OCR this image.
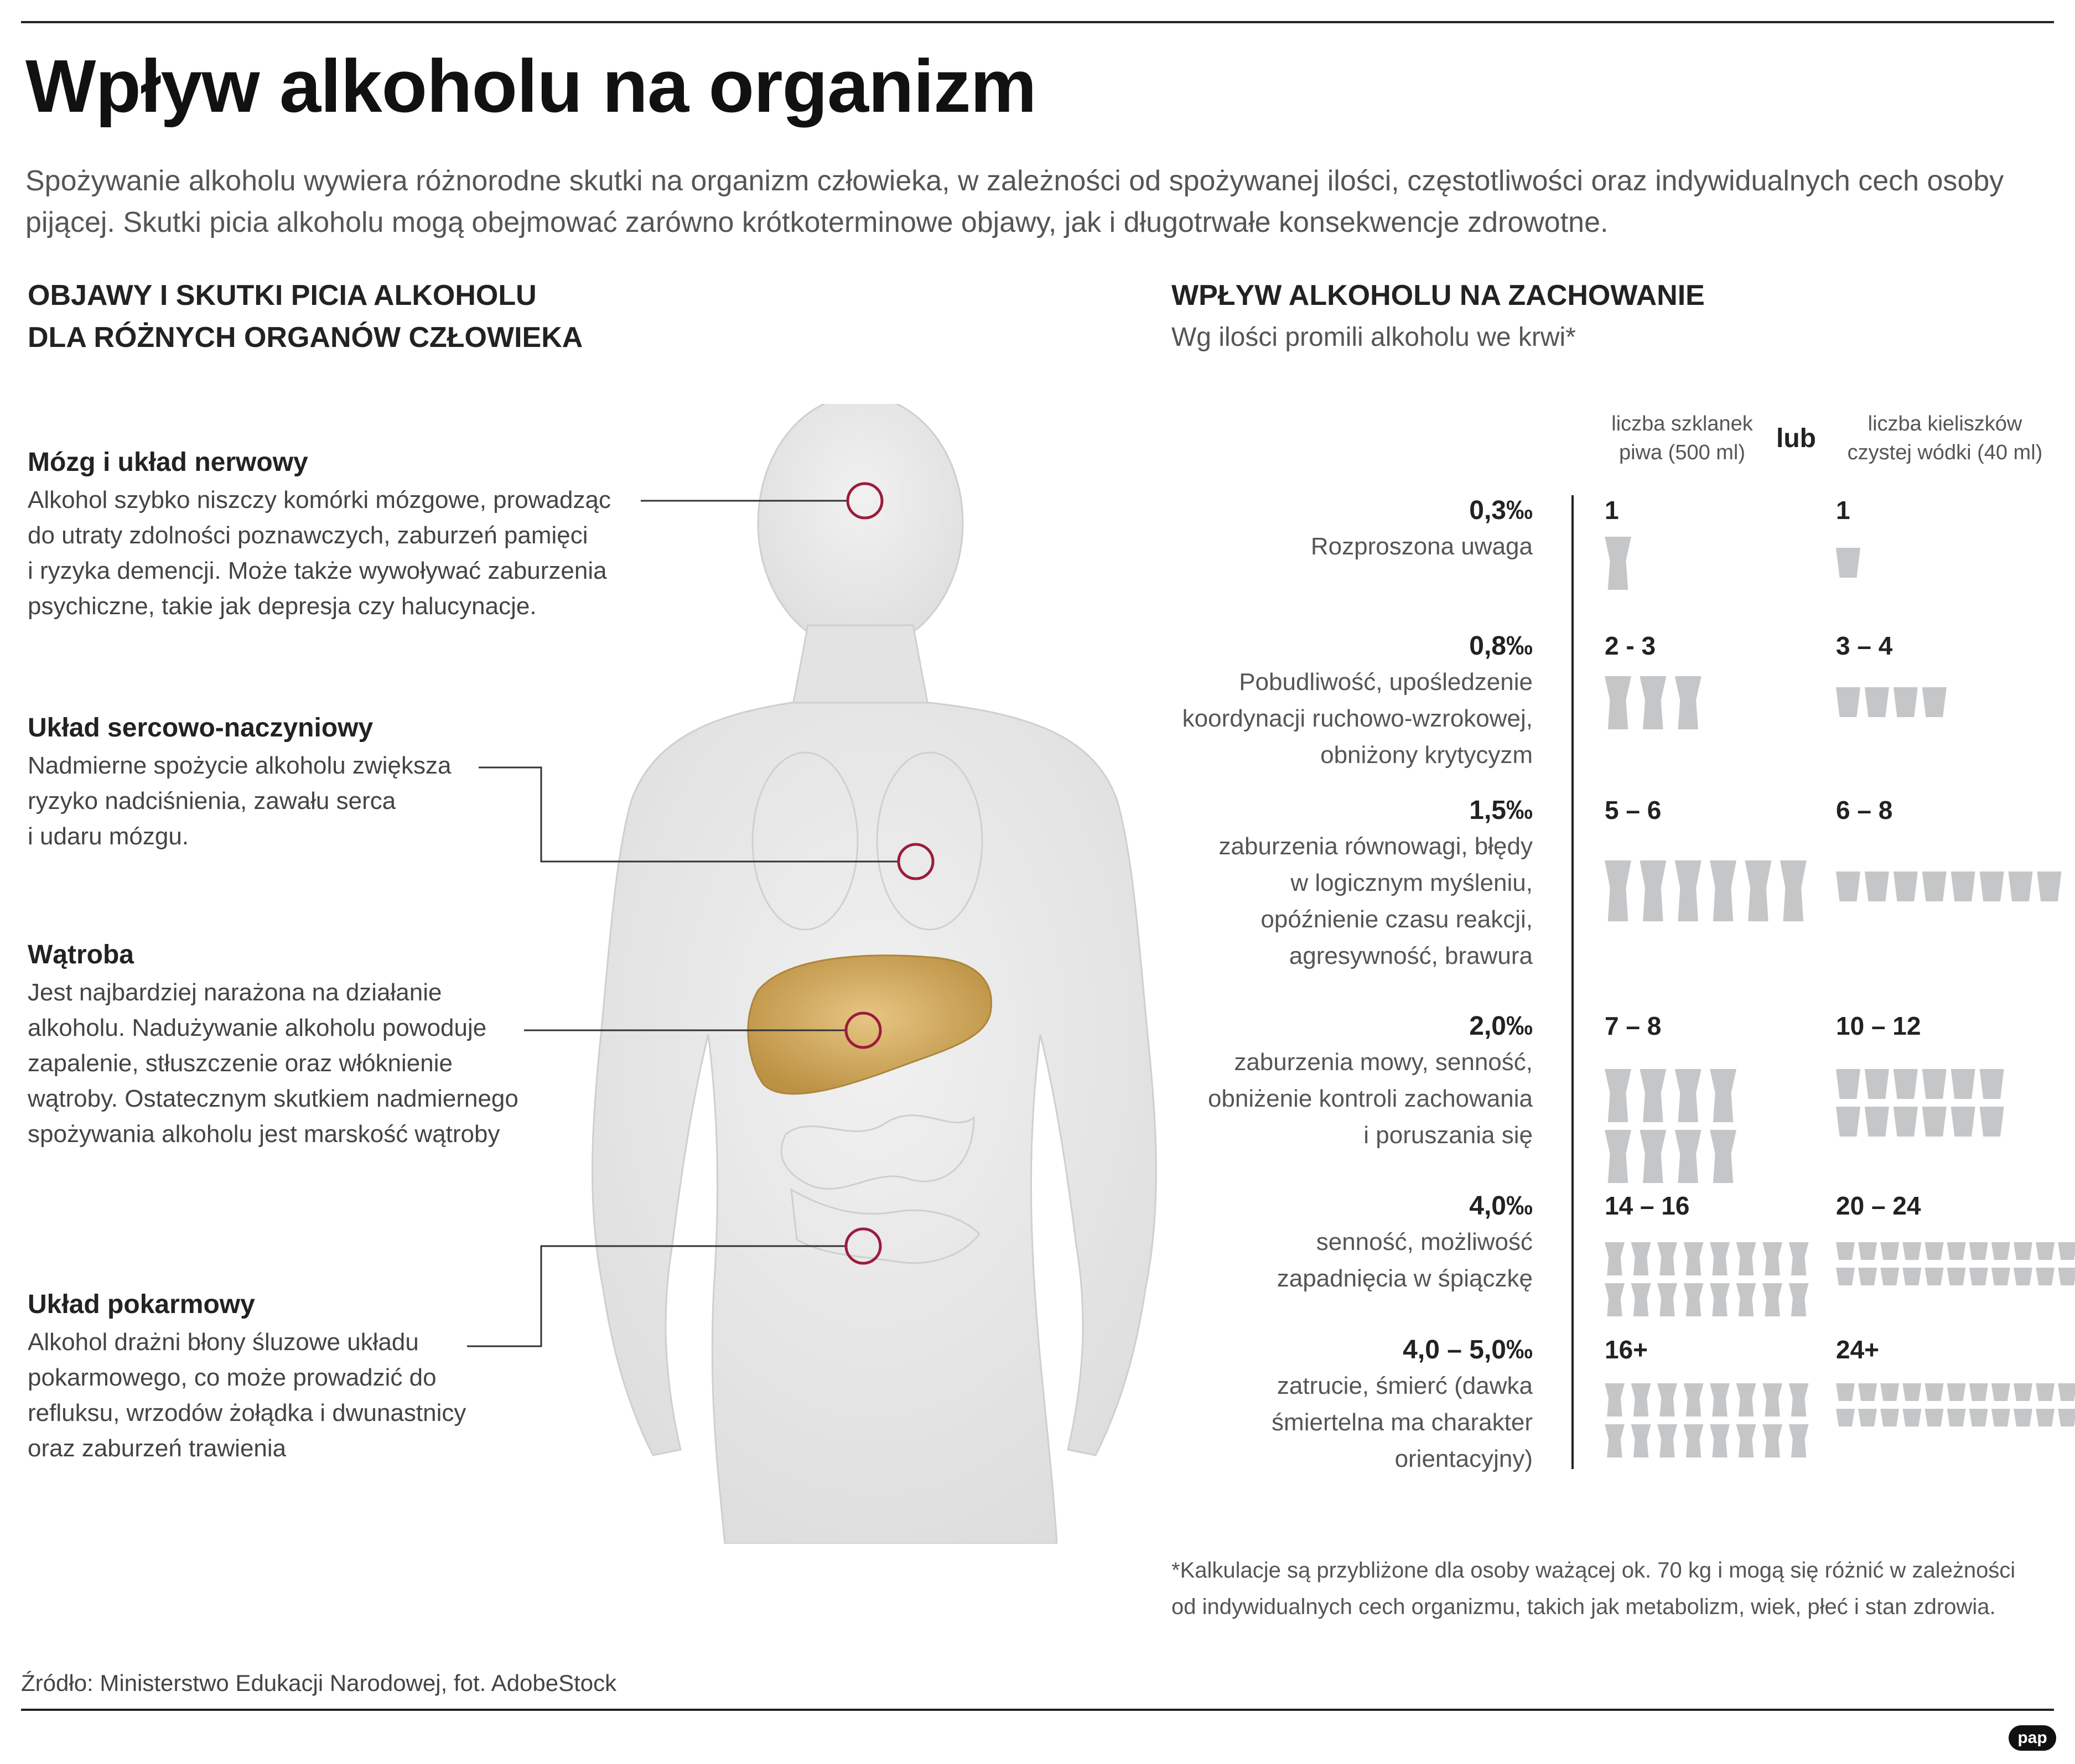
Wpływ alkoholu na organizm

Spożywanie alkoholu wywiera różnorodne skutki na organizm człowieka, w zależności od spożywanej ilości, częstotliwości oraz indywidualnych cech osoby pijącej. Skutki picia alkoholu mogą obejmować zarówno krótkoterminowe objawy, jak i długotrwałe konsekwencje zdrowotne.

OBJAWY I SKUTKI PICIA ALKOHOLU
DLA RÓŻNYCH ORGANÓW CZŁOWIEKA

WPŁYW ALKOHOLU NA ZACHOWANIE

Wg ilości promili alkoholu we krwi*

Mózg i układ nerwowy

Alkohol szybko niszczy komórki mózgowe, prowadząc
do utraty zdolności poznawczych, zaburzeń pamięci
i ryzyka demencji. Może także wywoływać zaburzenia
psychiczne, takie jak depresja czy halucynacje.

Układ sercowo-naczyniowy

Nadmierne spożycie alkoholu zwiększa
ryzyko nadciśnienia, zawału serca
i udaru mózgu.

Wątroba

Jest najbardziej narażona na działanie
alkoholu. Nadużywanie alkoholu powoduje
zapalenie, stłuszczenie oraz włóknienie
wątroby. Ostatecznym skutkiem nadmiernego
spożywania alkoholu jest marskość wątroby

Układ pokarmowy

Alkohol drażni błony śluzowe układu
pokarmowego, co może prowadzić do
refluksu, wrzodów żołądka i dwunastnicy
oraz zaburzeń trawienia

liczba szklanek
piwa (500 ml)	lub	liczba kieliszków
czystej wódki (40 ml)
0,3‰
Rozproszona uwaga
1	1
0,8‰
Pobudliwość, upośledzenie
koordynacji ruchowo-wzrokowej,
obniżony krytycyzm
2 - 3	3 – 4
1,5‰
zaburzenia równowagi, błędy
w logicznym myśleniu,
opóźnienie czasu reakcji,
agresywność, brawura
5 – 6	6 – 8
2,0‰
zaburzenia mowy, senność,
obniżenie kontroli zachowania
i poruszania się
7 – 8	10 – 12
4,0‰
senność, możliwość
zapadnięcia w śpiączkę
14 – 16	20 – 24
4,0 – 5,0‰
zatrucie, śmierć (dawka
śmiertelna ma charakter
orientacyjny)
16+	24+

*Kalkulacje są przybliżone dla osoby ważącej ok. 70 kg i mogą się różnić w zależności
od indywidualnych cech organizmu, takich jak metabolizm, wiek, płeć i stan zdrowia.

Źródło: Ministerstwo Edukacji Narodowej, fot. AdobeStock

pap
